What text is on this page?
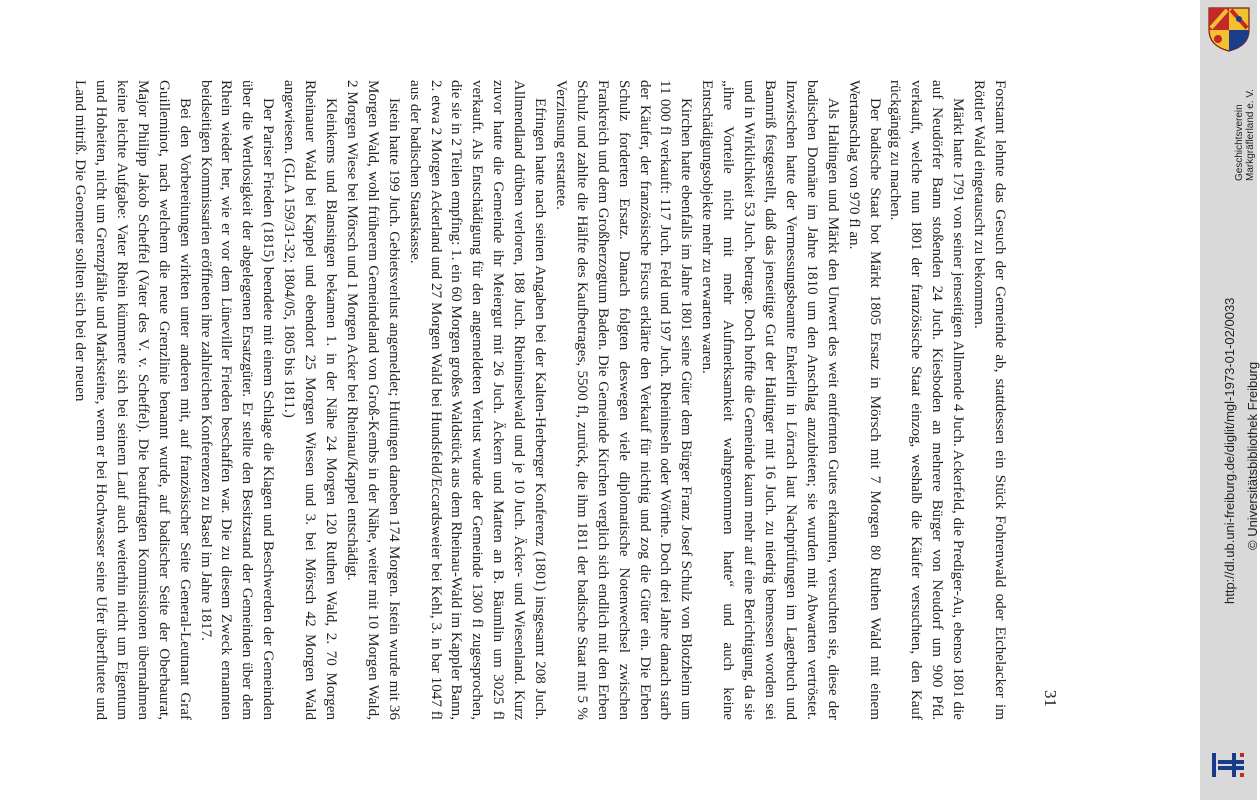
31

Forstamt lehnte das Gesuch der Gemeinde ab, stattdessen ein Stück Fohrenwald oder Eichelacker im Röttler Wald eingetauscht zu bekommen.

Märkt hatte 1791 von seiner jenseitigen Allmende 4 Juch. Ackerfeld, die Prediger-Au, ebenso 1801 die auf Neudörfer Bann stoßenden 24 Juch. Kiesboden an mehrere Bürger von Neudorf um 900 Pfd. verkauft, welche nun 1801 der französische Staat einzog, weshalb die Käufer versuchten, den Kauf rückgängig zu machen.

Der badische Staat bot Märkt 1805 Ersatz in Mörsch mit 7 Morgen 80 Ruthen Wald mit einem Wertanschlag von 970 fl an.

Als Haltingen und Märkt den Unwert des weit entfernten Gutes erkannten, versuchten sie, diese der badischen Domäne im Jahre 1810 um den Anschlag anzubieten; sie wurden mit Abwarten vertröstet. Inzwischen hatte der Vermessungsbeamte Enkerlin in Lörrach laut Nachprüfungen im Lagerbuch und Bannriß festgestellt, daß das jenseitige Gut der Haltinger mit 16 Juch. zu niedrig bemessen worden sei und in Wirklichkeit 53 Juch. betrage. Doch hoffte die Gemeinde kaum mehr auf eine Berichtigung, da sie „ihre Vorteile nicht mit mehr Aufmerksamkeit wahrgenommen hatte“ und auch keine Entschädigungsobjekte mehr zu erwarten waren.

Kirchen hatte ebenfalls im Jahre 1801 seine Güter dem Bürger Franz Josef Schulz von Blotzheim um 11 000 fl verkauft: 117 Juch. Feld und 197 Juch. Rheininseln oder Wörthe. Doch drei Jahre danach starb der Käufer, der französische Fiscus erklärte den Verkauf für nichtig und zog die Güter ein. Die Erben Schulz forderten Ersatz. Danach folgten deswegen viele diplomatische Notenwechsel zwischen Frankreich und dem Großherzogtum Baden. Die Gemeinde Kirchen verglich sich endlich mit den Erben Schulz und zahlte die Hälfte des Kaufbetrages, 5500 fl, zurück, die ihm 1811 der badische Staat mit 5 % Verzinsung erstattete.

Efringen hatte nach seinen Angaben bei der Kalten-Herberger Konferenz (1801) insgesamt 208 Juch. Allmendland drüben verloren, 188 Juch. Rheininselwald und je 10 Juch. Äcker- und Wiesenland. Kurz zuvor hatte die Gemeinde ihr Meiergut mit 26 Juch. Äckern und Matten an B. Bäumlin um 3025 fl verkauft. Als Entschädigung für den angemeldeten Verlust wurde der Gemeinde 1300 fl zugesprochen, die sie in 2 Teilen empfing: 1. ein 60 Morgen großes Waldstück aus dem Rheinau-Wald im Kappler Bann, 2. etwa 2 Morgen Ackerland und 27 Morgen Wald bei Hundsfeld/Eccardsweier bei Kehl, 3. in bar 1047 fl aus der badischen Staatskasse.

Istein hatte 199 Juch. Gebietsverlust angemeldet; Huttingen daneben 174 Morgen. Istein wurde mit 36 Morgen Wald, wohl früherem Gemeindeland von Groß-Kembs in der Nähe, weiter mit 10 Morgen Wald, 2 Morgen Wiese bei Mörsch und 1 Morgen Acker bei Rheinau/Kappel entschädigt.

Kleinkems und Blansingen bekamen 1. in der Nähe 24 Morgen 120 Ruthen Wald, 2. 70 Morgen Rheinauer Wald bei Kappel und ebendort 25 Morgen Wiesen und 3. bei Mörsch 42 Morgen Wald angewiesen. (GLA 159/31-32; 1804/05, 1805 bis 1811.)

Der Pariser Frieden (1815) beendete mit einem Schlage die Klagen und Beschwerden der Gemeinden über die Wertlosigkeit der abgelegenen Ersatzgüter. Er stellte den Besitzstand der Gemeinden über dem Rhein wieder her, wie er vor dem Lüneviller Frieden beschaffen war. Die zu diesem Zweck ernannten beidseitigen Kommissarien eröffneten ihre zahlreichen Konferenzen zu Basel im Jahre 1817.

Bei den Vorbereitungen wirkten unter anderen mit, auf französischer Seite General-Leutnant Graf Guilleminot, nach welchem die neue Grenzlinie benannt wurde, auf badischer Seite der Oberbaurat, Major Philipp Jakob Scheffel (Vater des V. v. Scheffel). Die beauftragten Kommissionen übernahmen keine leichte Aufgabe: Vater Rhein kümmerte sich bei seinem Lauf auch weiterhin nicht um Eigentum und Hoheiten, nicht um Grenzpfähle und Marksteine, wenn er bei Hochwasser seine Ufer überflutete und Land mitriß. Die Geometer sollten sich bei der neuen	Geschichtsverein Markgräflerland e. V.
© Universitätsbibliothek Freiburg
http://dl.ub.uni-freiburg.de/diglit/mgl-1973-01-02/0033
